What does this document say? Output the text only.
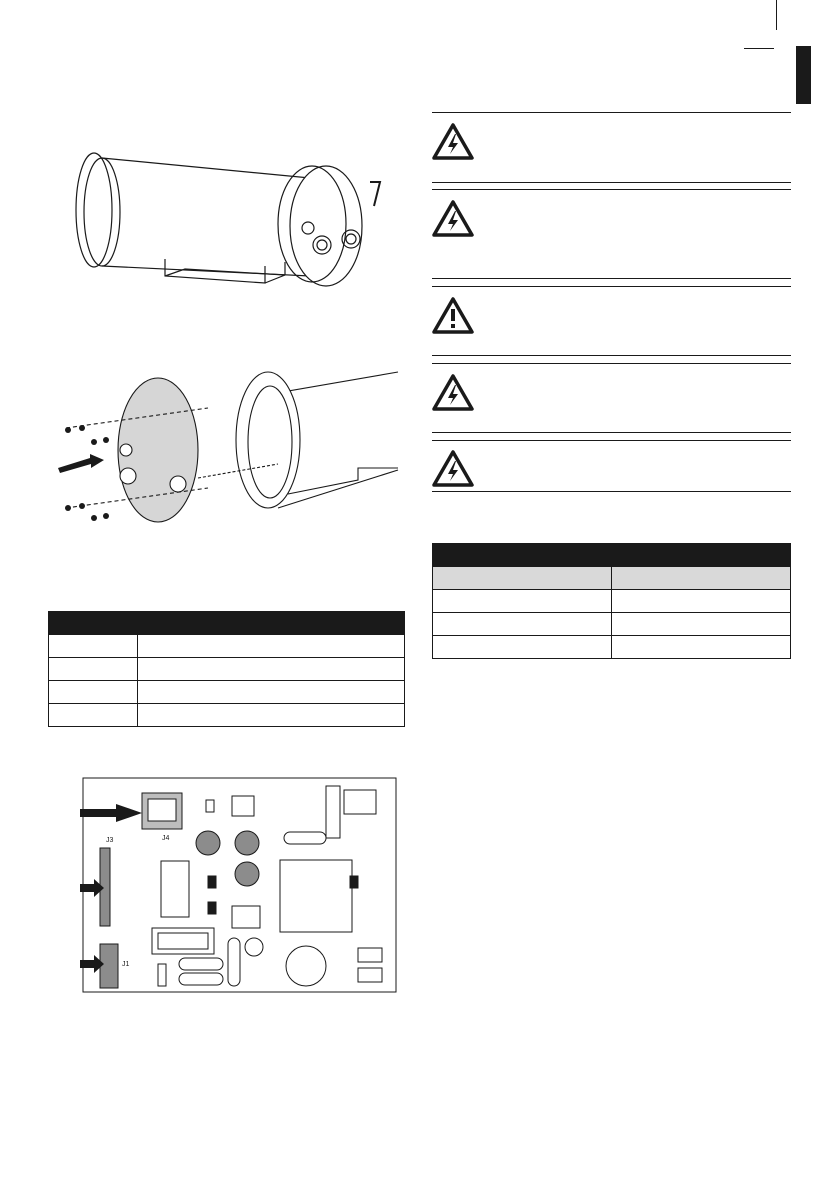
J4
J3
J1
